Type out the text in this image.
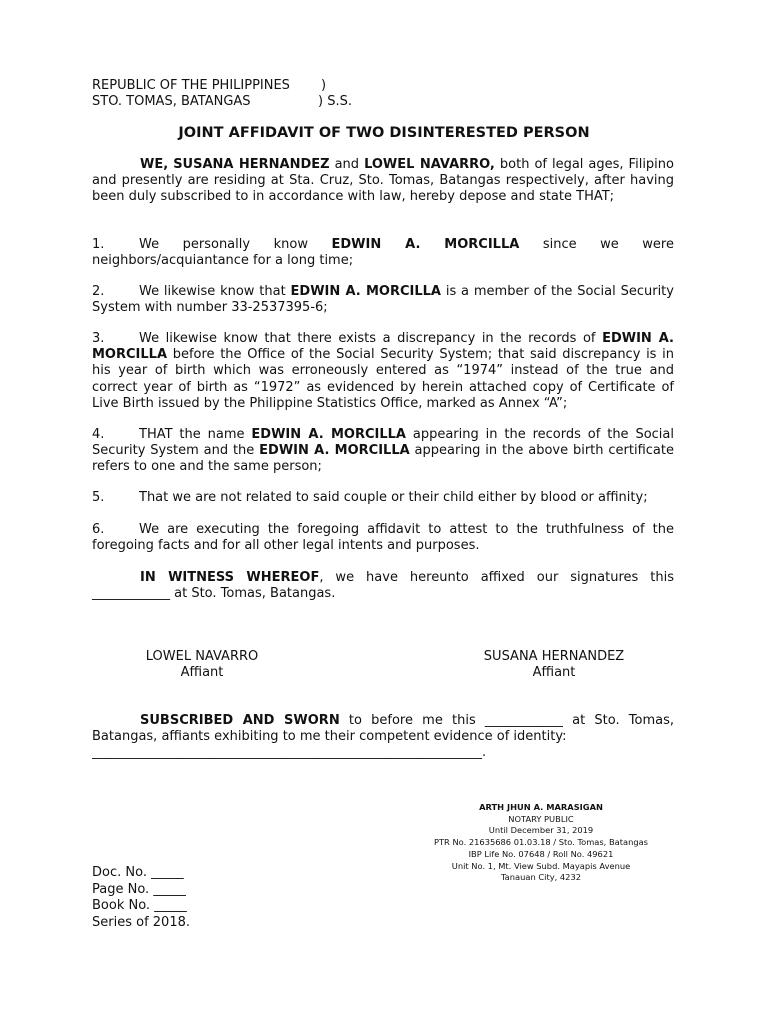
REPUBLIC OF THE PHILIPPINES )
STO. TOMAS, BATANGAS	) S.S.
JOINT AFFIDAVIT OF TWO DISINTERESTED PERSON
WE, SUSANA HERNANDEZ and LOWEL NAVARRO, both of legal ages, Filipino and presently are residing at Sta. Cruz, Sto. Tomas, Batangas respectively, after having been duly subscribed to in accordance with law, hereby depose and state THAT;
1.	We personally know EDWIN A. MORCILLA since we were neighbors/acquiantance for a long time;
2.	We likewise know that EDWIN A. MORCILLA is a member of the Social Security System with number 33-2537395-6;
3.	We likewise know that there exists a discrepancy in the records of EDWIN A. MORCILLA before the Office of the Social Security System; that said discrepancy is in his year of birth which was erroneously entered as “1974” instead of the true and correct year of birth as “1972” as evidenced by herein attached copy of Certificate of Live Birth issued by the Philippine Statistics Office, marked as Annex “A”;
4.	THAT the name EDWIN A. MORCILLA appearing in the records of the Social Security System and the EDWIN A. MORCILLA appearing in the above birth certificate refers to one and the same person;
5.	That we are not related to said couple or their child either by blood or affinity;
6.	We are executing the foregoing affidavit to attest to the truthfulness of the foregoing facts and for all other legal intents and purposes.
IN WITNESS WHEREOF, we have hereunto affixed our signatures this ____________ at Sto. Tomas, Batangas.
LOWEL NAVARRO
Affiant
SUSANA HERNANDEZ
Affiant
SUBSCRIBED AND SWORN to before me this ____________ at Sto. Tomas, Batangas, affiants exhibiting to me their competent evidence of identity:
____________________________________________________________.
ARTH JHUN A. MARASIGAN
NOTARY PUBLIC
Until December 31, 2019
PTR No. 21635686 01.03.18 / Sto. Tomas, Batangas
IBP Life No. 07648 / Roll No. 49621
Unit No. 1, Mt. View Subd. Mayapis Avenue
Tanauan City, 4232
Doc. No. _____
Page No. _____
Book No. _____
Series of 2018.
